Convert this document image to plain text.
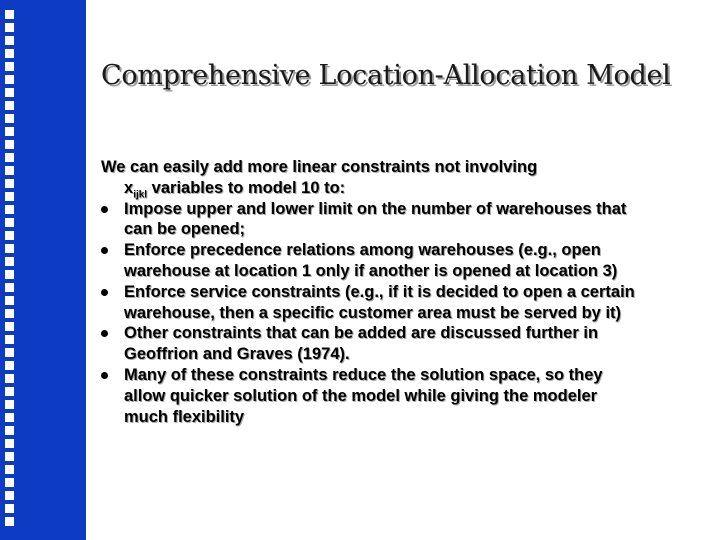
Comprehensive Location-Allocation Model

We can easily add more linear constraints not involving

$x_{ijkl}$ variables to model 10 to:

Impose upper and lower limit on the number of warehouses that can be opened;
Enforce precedence relations among warehouses (e.g., open warehouse at location 1 only if another is opened at location 3)
Enforce service constraints (e.g., if it is decided to open a certain warehouse, then a specific customer area must be served by it)
Other constraints that can be added are discussed further in Geoffrion and Graves (1974).
Many of these constraints reduce the solution space, so they allow quicker solution of the model while giving the modeler much flexibility
